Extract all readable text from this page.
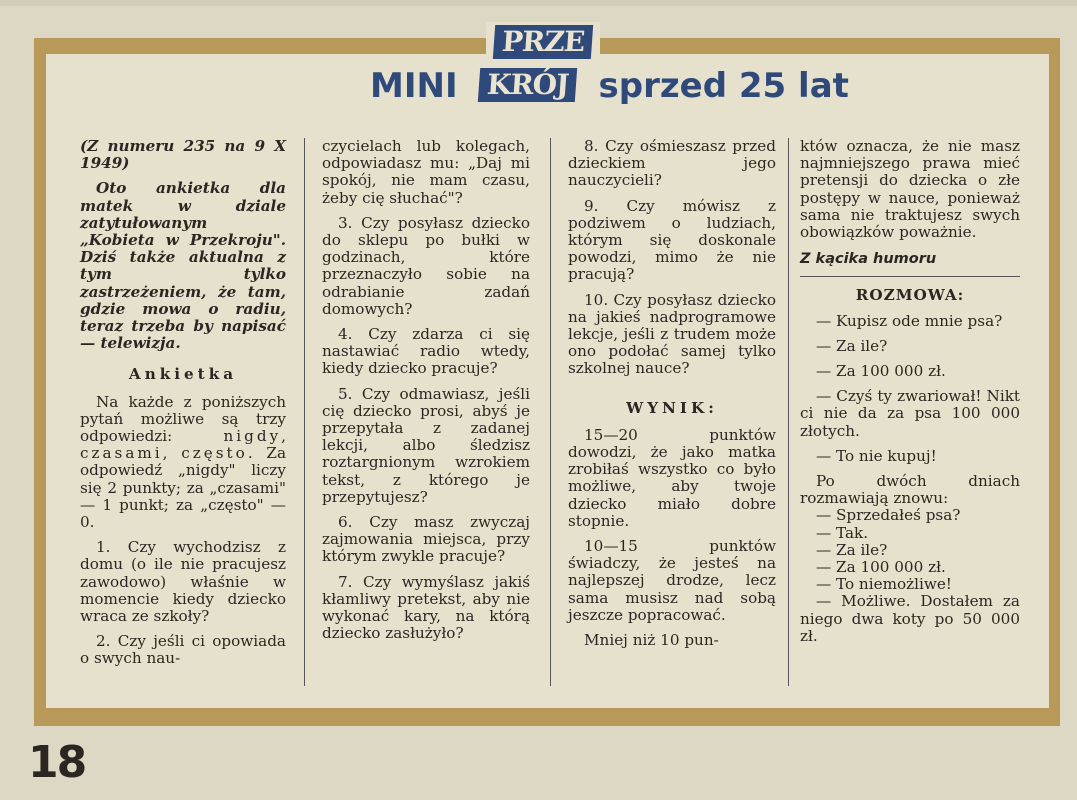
PRZE
MINI KRÓJ sprzed 25 lat

(Z numeru 235 na 9 X 1949)

Oto ankietka dla matek w dziale zatytułowanym „Kobieta w Przekroju". Dziś także aktualna z tym tylko zastrzeżeniem, że tam, gdzie mowa o radiu, teraz trzeba by napisać — telewizja.

Ankietka

Na każde z poniższych pytań możliwe są trzy odpowiedzi: nigdy, czasami, często. Za odpowiedź „nigdy" liczy się 2 punkty; za „czasami" — 1 punkt; za „często" — 0.

1. Czy wychodzisz z domu (o ile nie pracujesz zawodowo) właśnie w momencie kiedy dziecko wraca ze szkoły?

2. Czy jeśli ci opowiada o swych nau-

czycielach lub kolegach, odpowiadasz mu: „Daj mi spokój, nie mam czasu, żeby cię słuchać"?

3. Czy posyłasz dziecko do sklepu po bułki w godzinach, które przeznaczyło sobie na odrabianie zadań domowych?

4. Czy zdarza ci się nastawiać radio wtedy, kiedy dziecko pracuje?

5. Czy odmawiasz, jeśli cię dziecko prosi, abyś je przepytała z zadanej lekcji, albo śledzisz roztargnionym wzrokiem tekst, z którego je przepytujesz?

6. Czy masz zwyczaj zajmowania miejsca, przy którym zwykle pracuje?

7. Czy wymyślasz jakiś kłamliwy pretekst, aby nie wykonać kary, na którą dziecko zasłużyło?

8. Czy ośmieszasz przed dzieckiem jego nauczycieli?

9. Czy mówisz z podziwem o ludziach, którym się doskonale powodzi, mimo że nie pracują?

10. Czy posyłasz dziecko na jakieś nadprogramowe lekcje, jeśli z trudem może ono podołać samej tylko szkolnej nauce?

WYNIK:

15—20 punktów dowodzi, że jako matka zrobiłaś wszystko co było możliwe, aby twoje dziecko miało dobre stopnie.

10—15 punktów świadczy, że jesteś na najlepszej drodze, lecz sama musisz nad sobą jeszcze popracować.

Mniej niż 10 pun-

któw oznacza, że nie masz najmniejszego prawa mieć pretensji do dziecka o złe postępy w nauce, ponieważ sama nie traktujesz swych obowiązków poważnie.

Z kącika humoru

ROZMOWA:

— Kupisz ode mnie psa?

— Za ile?

— Za 100 000 zł.

— Czyś ty zwariował! Nikt ci nie da za psa 100 000 złotych.

— To nie kupuj!

Po dwóch dniach rozmawiają znowu:

— Sprzedałeś psa?

— Tak.

— Za ile?

— Za 100 000 zł.

— To niemożliwe!

— Możliwe. Dostałem za niego dwa koty po 50 000 zł.

18
